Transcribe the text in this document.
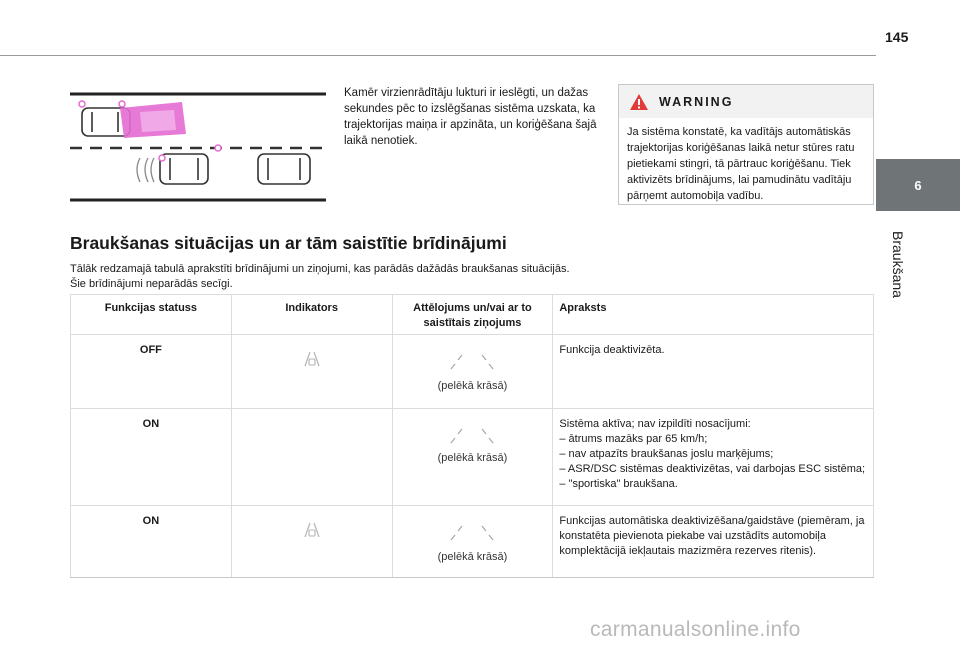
145
6
Braukšana
Kamēr virzienrādītāju lukturi ir ieslēgti, un dažas sekundes pēc to izslēgšanas sistēma uzskata, ka trajektorijas maiņa ir apzināta, un koriģēšana šajā laikā nenotiek.
WARNING
Ja sistēma konstatē, ka vadītājs automātiskās trajektorijas koriģēšanas laikā netur stūres ratu pietiekami stingri, tā pārtrauc koriģēšanu. Tiek aktivizēts brīdinājums, lai pamudinātu vadītāju pārņemt automobiļa vadību.
Braukšanas situācijas un ar tām saistītie brīdinājumi
Tālāk redzamajā tabulā aprakstīti brīdinājumi un ziņojumi, kas parādās dažādās braukšanas situācijās.
Šie brīdinājumi neparādās secīgi.
Funkcijas statuss	Indikators	Attēlojums un/vai ar to saistītais ziņojums	Apraksts
OFF		(pelēkā krāsā)	Funkcija deaktivizēta.

ON		(pelēkā krāsā)	Sistēma aktīva; nav izpildīti nosacījumi:
– ātrums mazāks par 65 km/h;
– nav atpazīts braukšanas joslu marķējums;
– ASR/DSC sistēmas deaktivizētas, vai darbojas ESC sistēma;
– "sportiska" braukšana.

ON		(pelēkā krāsā)	Funkcijas automātiska deaktivizēšana/gaidstāve (piemēram, ja konstatēta pievienota piekabe vai uzstādīts automobiļa komplektācijā iekļautais mazizmēra rezerves ritenis).
carmanualsonline.info
